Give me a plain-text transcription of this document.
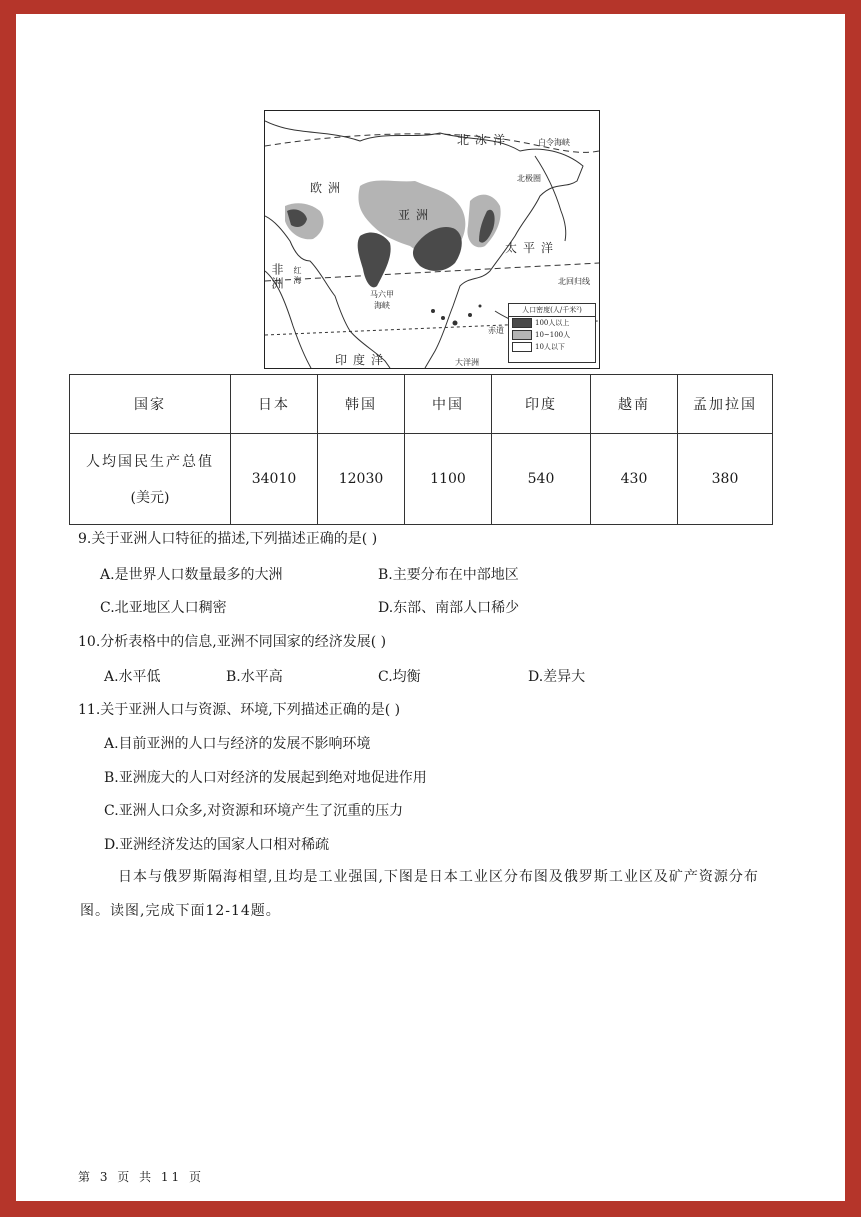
北冰洋	白令海峡
北极圈
欧洲
亚洲
太平洋
北回归线
非洲 红海
马六甲海峡
赤道
印度洋	大洋洲
人口密度(人/千米²)
100人以上
10~100人
10人以下
国家	日本	韩国	中国	印度	越南	孟加拉国

人均国民生产总值
(美元)	34010	12030	1100	540	430	380
9.关于亚洲人口特征的描述,下列描述正确的是( )
A.是世界人口数量最多的大洲	B.主要分布在中部地区
C.北亚地区人口稠密	D.东部、南部人口稀少
10.分析表格中的信息,亚洲不同国家的经济发展( )
A.水平低	B.水平高	C.均衡	D.差异大
11.关于亚洲人口与资源、环境,下列描述正确的是( )
A.目前亚洲的人口与经济的发展不影响环境
B.亚洲庞大的人口对经济的发展起到绝对地促进作用
C.亚洲人口众多,对资源和环境产生了沉重的压力
D.亚洲经济发达的国家人口相对稀疏
日本与俄罗斯隔海相望,且均是工业强国,下图是日本工业区分布图及俄罗斯工业区及矿产资源分布图。读图,完成下面12-14题。
第 3 页 共 11 页
